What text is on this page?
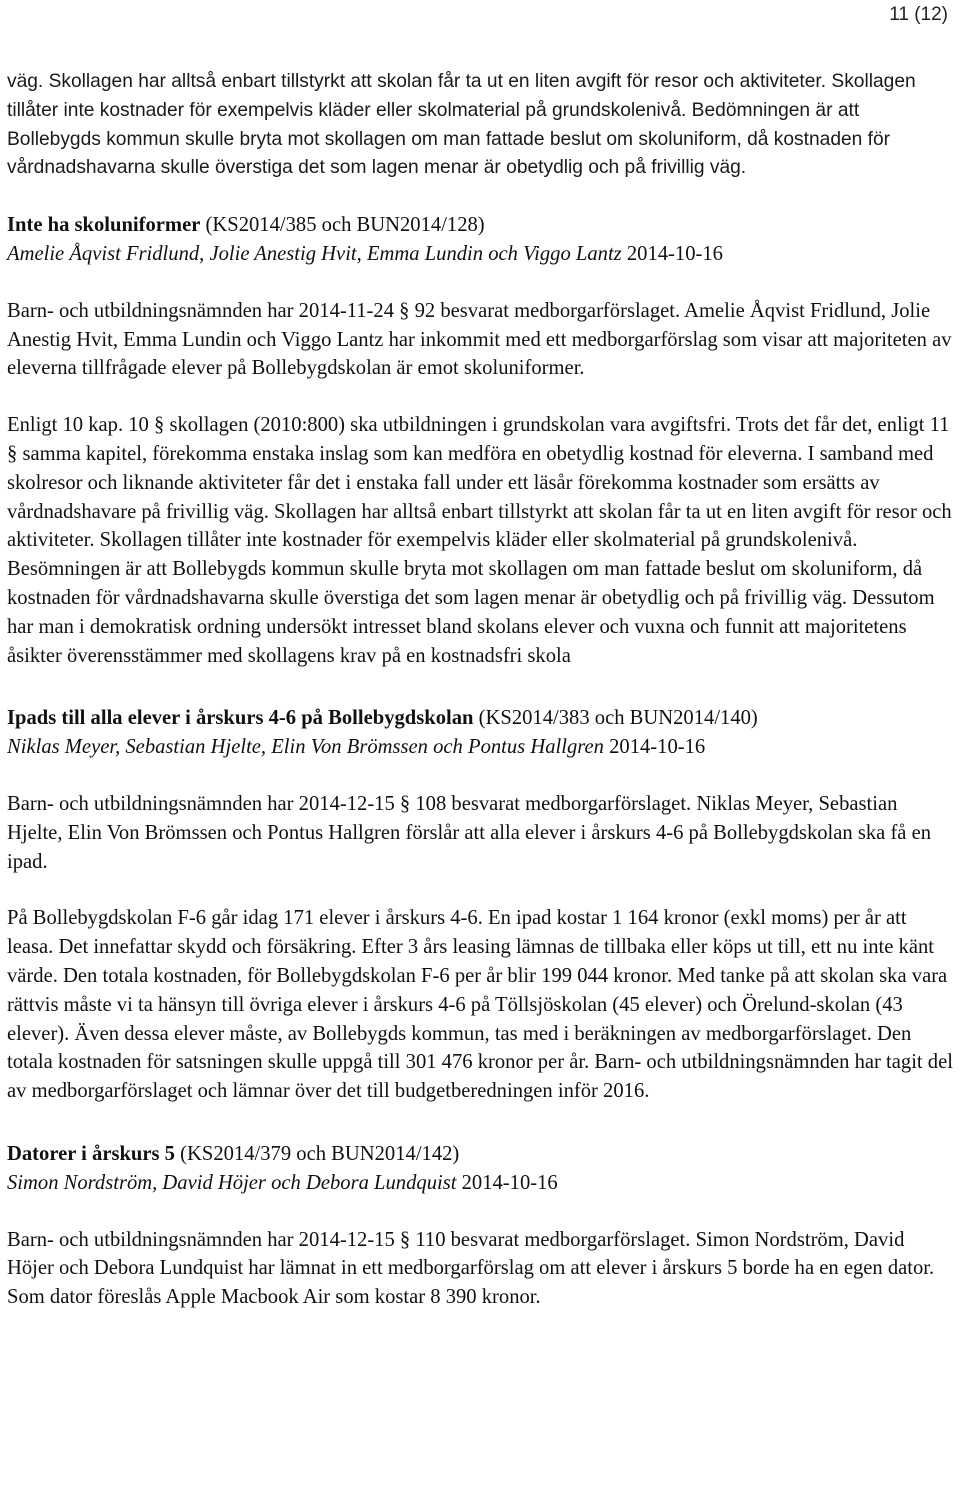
11 (12)

väg. Skollagen har alltså enbart tillstyrkt att skolan får ta ut en liten avgift för resor och aktiviteter. Skollagen tillåter inte kostnader för exempelvis kläder eller skolmaterial på grundskolenivå. Bedömningen är att Bollebygds kommun skulle bryta mot skollagen om man fattade beslut om skoluniform, då kostnaden för vårdnadshavarna skulle överstiga det som lagen menar är obetydlig och på frivillig väg.

Inte ha skoluniformer (KS2014/385 och BUN2014/128)

Amelie Åqvist Fridlund, Jolie Anestig Hvit, Emma Lundin och Viggo Lantz 2014-10-16

Barn- och utbildningsnämnden har 2014-11-24 § 92 besvarat medborgarförslaget. Amelie Åqvist Fridlund, Jolie Anestig Hvit, Emma Lundin och Viggo Lantz har inkommit med ett medborgarförslag som visar att majoriteten av eleverna tillfrågade elever på Bollebygdskolan är emot skoluniformer.

Enligt 10 kap. 10 § skollagen (2010:800) ska utbildningen i grundskolan vara avgiftsfri. Trots det får det, enligt 11 § samma kapitel, förekomma enstaka inslag som kan medföra en obetydlig kostnad för eleverna. I samband med skolresor och liknande aktiviteter får det i enstaka fall under ett läsår förekomma kostnader som ersätts av vårdnadshavare på frivillig väg. Skollagen har alltså enbart tillstyrkt att skolan får ta ut en liten avgift för resor och aktiviteter. Skollagen tillåter inte kostnader för exempelvis kläder eller skolmaterial på grundskolenivå. Besömningen är att Bollebygds kommun skulle bryta mot skollagen om man fattade beslut om skoluniform, då kostnaden för vårdnadshavarna skulle överstiga det som lagen menar är obetydlig och på frivillig väg. Dessutom har man i demokratisk ordning undersökt intresset bland skolans elever och vuxna och funnit att majoritetens åsikter överensstämmer med skollagens krav på en kostnadsfri skola

Ipads till alla elever i årskurs 4-6 på Bollebygdskolan (KS2014/383 och BUN2014/140)

Niklas Meyer, Sebastian Hjelte, Elin Von Brömssen och Pontus Hallgren 2014-10-16

Barn- och utbildningsnämnden har 2014-12-15 § 108 besvarat medborgarförslaget. Niklas Meyer, Sebastian Hjelte, Elin Von Brömssen och Pontus Hallgren förslår att alla elever i årskurs 4-6 på Bollebygdskolan ska få en ipad.

På Bollebygdskolan F-6 går idag 171 elever i årskurs 4-6. En ipad kostar 1 164 kronor (exkl moms) per år att leasa. Det innefattar skydd och försäkring. Efter 3 års leasing lämnas de tillbaka eller köps ut till, ett nu inte känt värde. Den totala kostnaden, för Bollebygdskolan F-6 per år blir 199 044 kronor. Med tanke på att skolan ska vara rättvis måste vi ta hänsyn till övriga elever i årskurs 4-6 på Töllsjöskolan (45 elever) och Örelund-skolan (43 elever). Även dessa elever måste, av Bollebygds kommun, tas med i beräkningen av medborgarförslaget. Den totala kostnaden för satsningen skulle uppgå till 301 476 kronor per år. Barn- och utbildningsnämnden har tagit del av medborgarförslaget och lämnar över det till budgetberedningen inför 2016.

Datorer i årskurs 5 (KS2014/379 och BUN2014/142)

Simon Nordström, David Höjer och Debora Lundquist 2014-10-16

Barn- och utbildningsnämnden har 2014-12-15 § 110 besvarat medborgarförslaget. Simon Nordström, David Höjer och Debora Lundquist har lämnat in ett medborgarförslag om att elever i årskurs 5 borde ha en egen dator. Som dator föreslås Apple Macbook Air som kostar 8 390 kronor.
